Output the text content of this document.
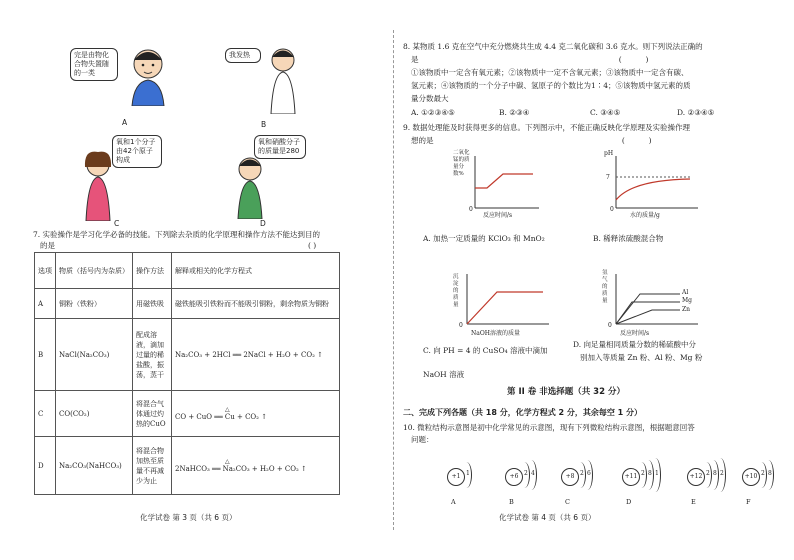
完是由物化合物失置随的一类
A
我发热
B
氧和1个分子由42个原子构成
C
氧和硝酸分子的质量是280
D
7. 实验操作是学习化学必备的技能。下列除去杂质的化学原理和操作方法不能达到目的
的是	( )
选项	物质（括号内为杂质）	操作方法	解释或相关的化学方程式
A	铜粉（铁粉）	用磁铁吸	磁铁能吸引铁粉而不能吸引铜粉，剩余物质为铜粉
B	NaCl(Na₂CO₃)	配成溶液，滴加过量的稀盐酸，振荡，蒸干	Na₂CO₃ + 2HCl ══ 2NaCl + H₂O + CO₂ ↑
C	CO(CO₂)	将混合气体通过灼热的CuO	△
CO + CuO ══ Cu + CO₂ ↑

D	Na₂CO₃(NaHCO₃)	将混合物加热至质量不再减少为止	△
2NaHCO₃ ══ Na₂CO₃ + H₂O + CO₂ ↑
化学试卷 第 3 页（共 6 页）
8. 某物质 1.6 克在空气中充分燃烧共生成 4.4 克二氧化碳和 3.6 克水。则下列说法正确的
是                                                                                    (          )
①该物质中一定含有氧元素；②该物质中一定不含氧元素；③该物质中一定含有碳、
氢元素；④该物质的一个分子中碳、氢原子的个数比为1∶4；⑤该物质中氢元素的质
量分数最大
A. ①②③④⑤	B. ②③④	C. ③④⑤	D. ②③④⑤
9. 数据处理能及时获得更多的信息。下列图示中，不能正确反映化学原理及实验操作理
想的是                                                                               (          )
二氧化锰的质量分数%
0
反应时间/s
A. 加热一定质量的 KClO₃ 和 MnO₂
pH
7
0
水的质量/g
B. 稀释浓硫酸混合物
沉淀的质量
0
NaOH溶液的质量
C. 向 PH = 4 的 CuSO₄ 溶液中滴加
NaOH 溶液
氢气的质量
Al
Mg
Zn
0
反应时间/s
D. 向足量相同质量分数的稀硫酸中分
别加入等质量 Zn 粉、Al 粉、Mg 粉
第 II 卷 非选择题（共 32 分）
二、完成下列各题（共 18 分，化学方程式 2 分，其余每空 1 分）
10. 微粒结构示意图是初中化学常见的示意图，现有下列微粒结构示意图，根据题意回答
问题：
+1 1
A
+6 2 4
B
+8 2 6
C
+11 2 8 1
D
+12 2 8 2
E
+10 2 8
F
化学试卷 第 4 页（共 6 页）
